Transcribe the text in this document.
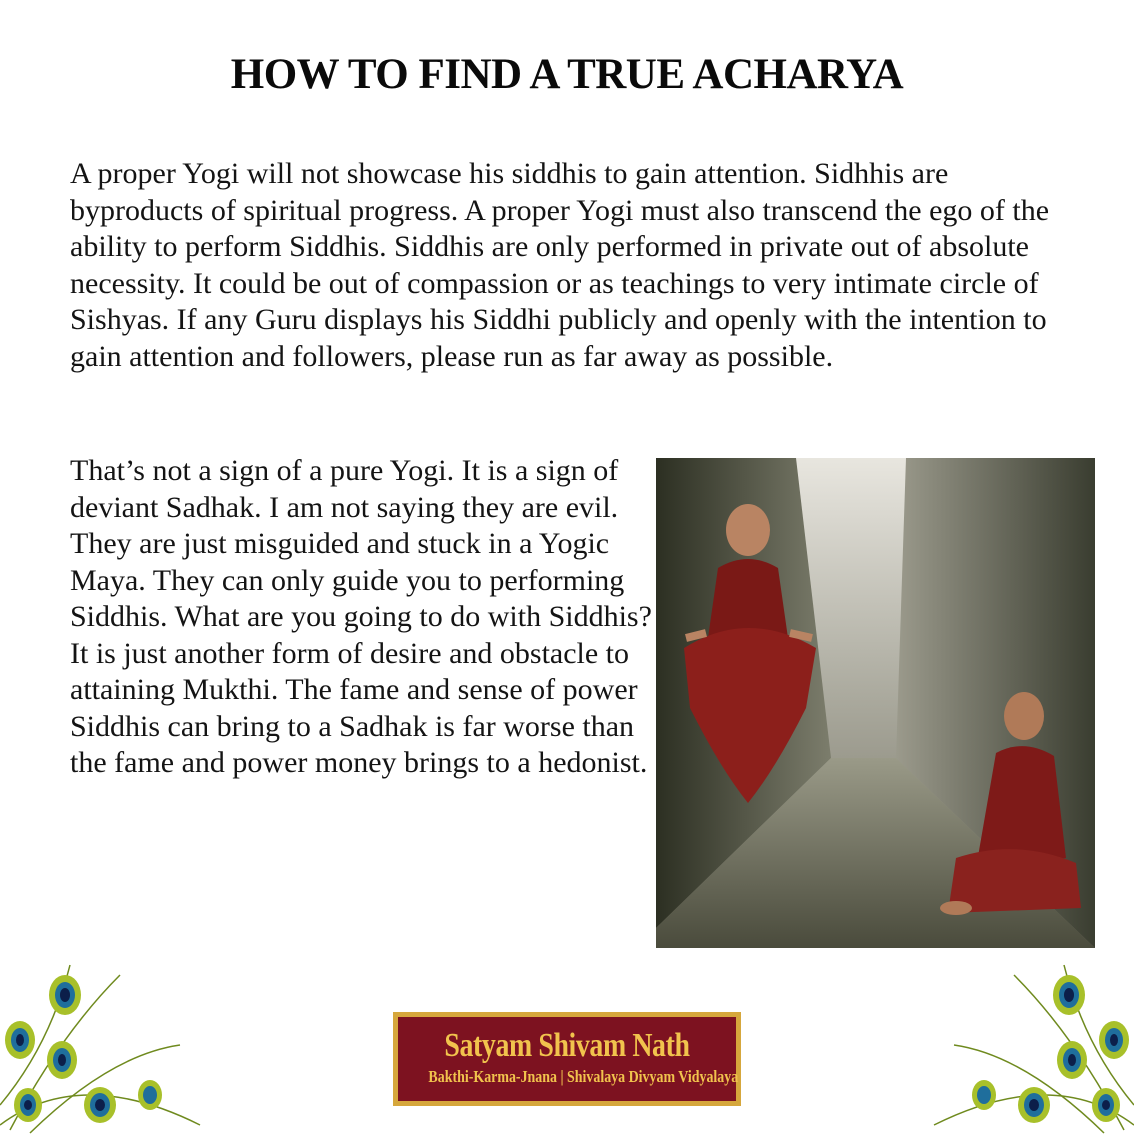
HOW TO FIND A TRUE ACHARYA

A proper Yogi will not showcase his siddhis to gain attention. Sidhhis are byproducts of spiritual progress. A proper Yogi must also transcend the ego of the ability to perform Siddhis. Siddhis are only performed in private out of absolute necessity. It could be out of compassion or as teachings to very intimate circle of Sishyas. If any Guru displays his Siddhi publicly and openly with the intention to gain attention and followers, please run as far away as possible.

That’s not a sign of a pure Yogi. It is a sign of deviant Sadhak. I am not saying they are evil. They are just misguided and stuck in a Yogic Maya. They can only guide you to performing Siddhis. What are you going to do with Siddhis? It is just another form of desire and obstacle to attaining Mukthi. The fame and sense of power Siddhis can bring to a Sadhak is far worse than the fame and power money brings to a hedonist.

Satyam Shivam Nath
Bakthi-Karma-Jnana | Shivalaya Divyam Vidyalaya
